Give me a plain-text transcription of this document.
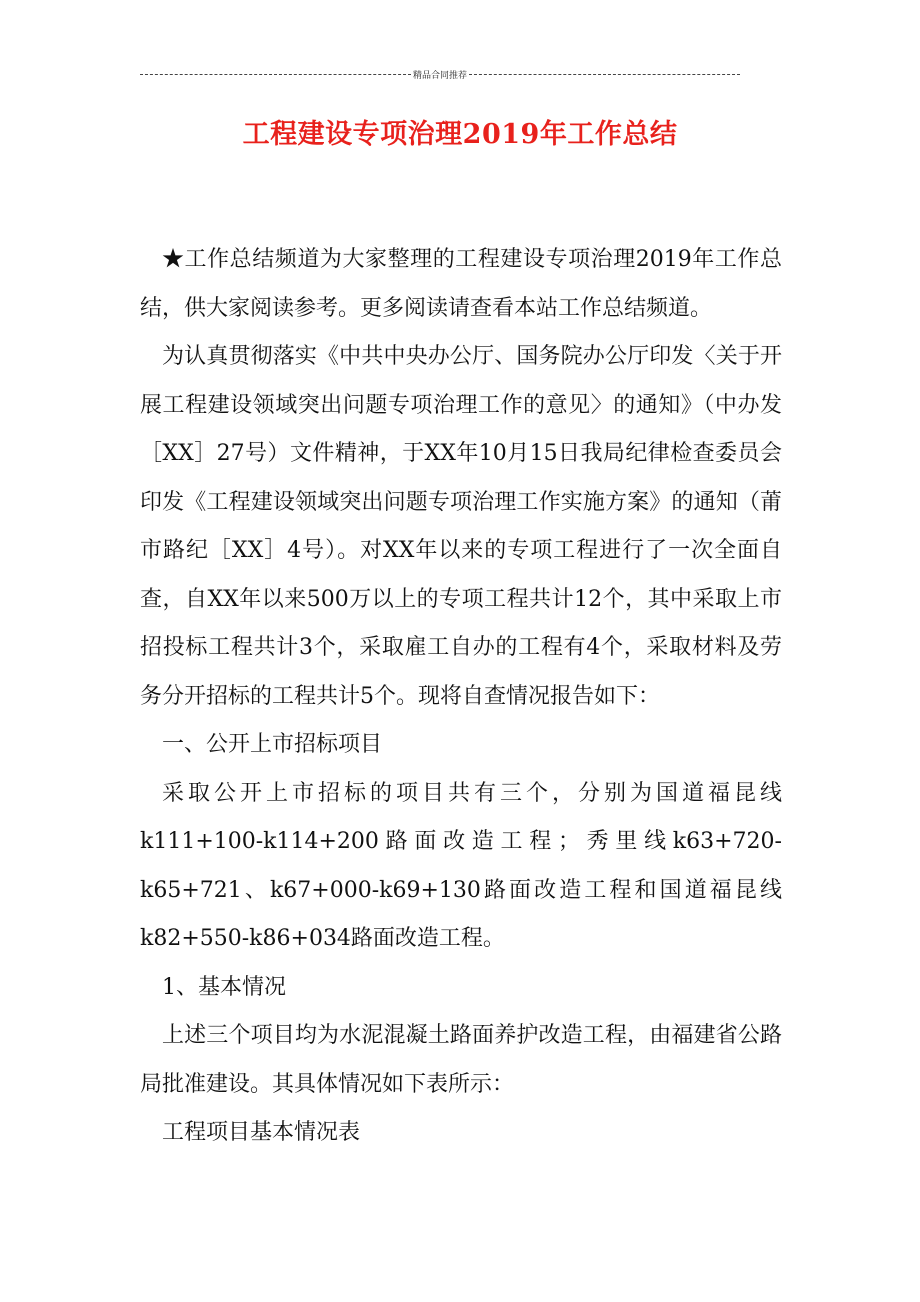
精品合同推荐
工程建设专项治理2019年工作总结

★工作总结频道为大家整理的工程建设专项治理2019年工作总结，供大家阅读参考。更多阅读请查看本站工作总结频道。

为认真贯彻落实《中共中央办公厅、国务院办公厅印发〈关于开展工程建设领域突出问题专项治理工作的意见〉的通知》（中办发［XX］27号）文件精神，于XX年10月15日我局纪律检查委员会印发《工程建设领域突出问题专项治理工作实施方案》的通知（莆市路纪［XX］4号）。对XX年以来的专项工程进行了一次全面自查，自XX年以来500万以上的专项工程共计12个，其中采取上市招投标工程共计3个，采取雇工自办的工程有4个，采取材料及劳务分开招标的工程共计5个。现将自查情况报告如下：

一、公开上市招标项目

采取公开上市招标的项目共有三个，分别为国道福昆线k111+100-k114+200路面改造工程；秀里线k63+720-k65+721、k67+000-k69+130路面改造工程和国道福昆线k82+550-k86+034路面改造工程。

1、基本情况

上述三个项目均为水泥混凝土路面养护改造工程，由福建省公路局批准建设。其具体情况如下表所示：

工程项目基本情况表
